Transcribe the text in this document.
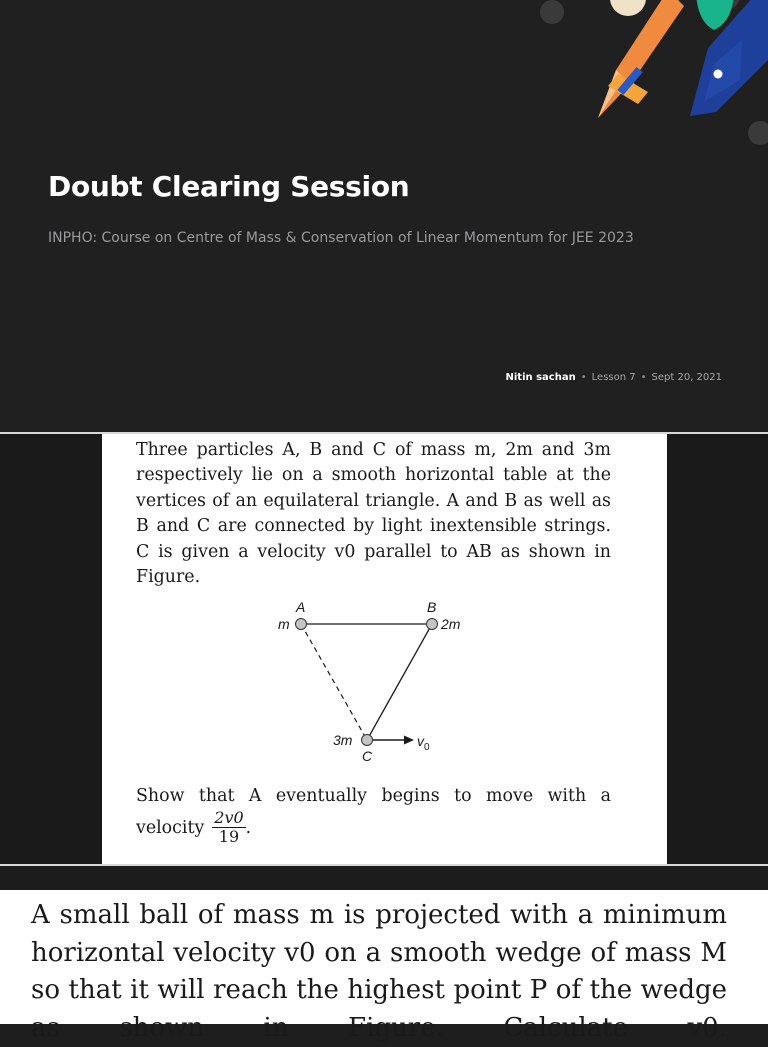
Doubt Clearing Session

INPHO: Course on Centre of Mass & Conservation of Linear Momentum for JEE 2023

Nitin sachan • Lesson 7 • Sept 20, 2021

Three particles A, B and C of mass m, 2m and 3m respectively lie on a smooth horizontal table at the vertices of an equilateral triangle. A and B as well as B and C are connected by light inextensible strings. C is given a velocity v0 parallel to AB as shown in Figure.

A	B
C
m	2m
3m	$v_0$

Show that A eventually begins to move with a

velocity $\frac{2v0}{19}$ .

A small ball of mass m is projected with a minimum horizontal velocity v0 on a smooth wedge of mass M so that it will reach the highest point P of the wedge as shown in Figure. Calculate v0.
